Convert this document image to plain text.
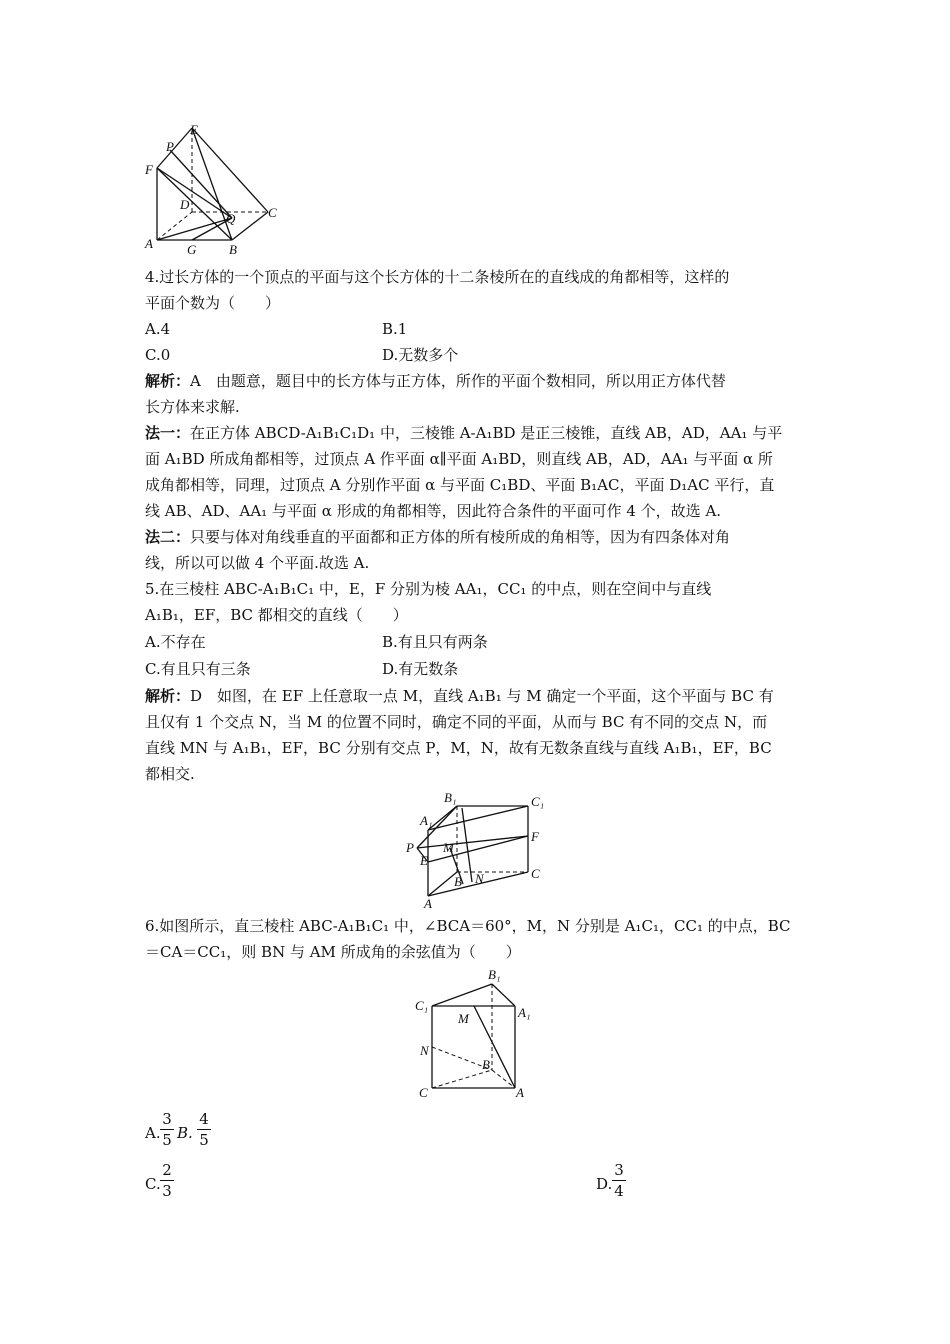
E
P
F
D
Q	C
A	G	B
4.过长方体的一个顶点的平面与这个长方体的十二条棱所在的直线成的角都相等，这样的
平面个数为（　　）
A.4	B.1
C.0	D.无数多个
解析：A　由题意，题目中的长方体与正方体，所作的平面个数相同，所以用正方体代替
长方体来求解.
法一：在正方体 ABCD-A₁B₁C₁D₁ 中，三棱锥 A-A₁BD 是正三棱锥，直线 AB，AD，AA₁ 与平
面 A₁BD 所成角都相等，过顶点 A 作平面 α∥平面 A₁BD，则直线 AB，AD，AA₁ 与平面 α 所
成角都相等，同理，过顶点 A 分别作平面 α 与平面 C₁BD、平面 B₁AC，平面 D₁AC 平行，直
线 AB、AD、AA₁ 与平面 α 形成的角都相等，因此符合条件的平面可作 4 个，故选 A.
法二：只要与体对角线垂直的平面都和正方体的所有棱所成的角相等，因为有四条体对角
线，所以可以做 4 个平面.故选 A.
5.在三棱柱 ABC-A₁B₁C₁ 中，E，F 分别为棱 AA₁，CC₁ 的中点，则在空间中与直线
A₁B₁，EF，BC 都相交的直线（　　）
A.不存在	B.有且只有两条
C.有且只有三条	D.有无数条
解析：D　如图，在 EF 上任意取一点 M，直线 A₁B₁ 与 M 确定一个平面，这个平面与 BC 有
且仅有 1 个交点 N，当 M 的位置不同时，确定不同的平面，从而与 BC 有不同的交点 N，而
直线 MN 与 A₁B₁，EF，BC 分别有交点 P，M，N，故有无数条直线与直线 A₁B₁，EF，BC
都相交.
B₁	C₁
A₁
F
P M
E
C
B N
A
6.如图所示，直三棱柱 ABC-A₁B₁C₁ 中，∠BCA＝60°，M，N 分别是 A₁C₁，CC₁ 的中点，BC
＝CA＝CC₁，则 BN 与 AM 所成角的余弦值为（　　）
B₁
C₁
M	A₁
N
B
C	A
A.
3
5 B.
4
5
C.
2
3	D.
3
4
